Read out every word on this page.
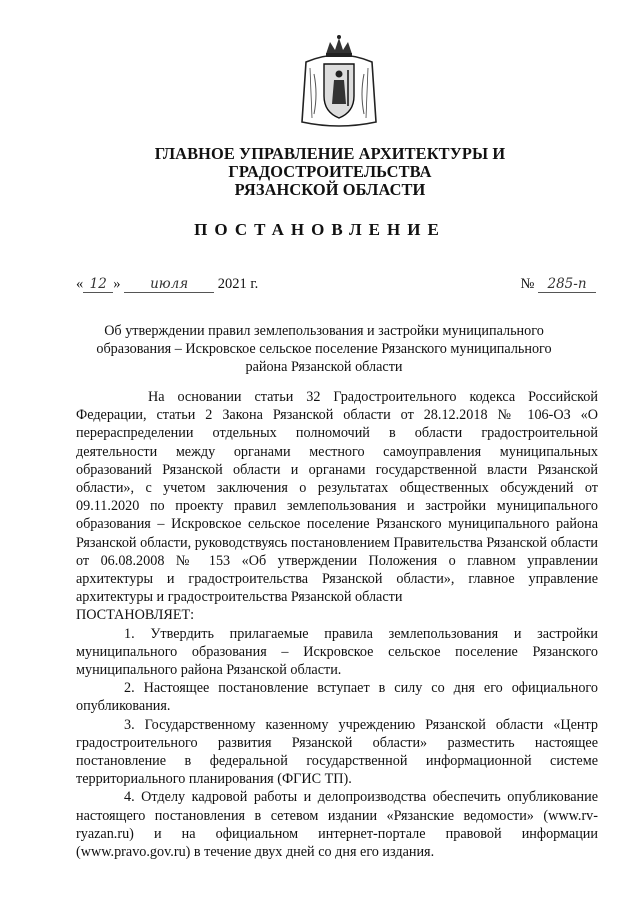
ГЛАВНОЕ УПРАВЛЕНИЕ АРХИТЕКТУРЫ И ГРАДОСТРОИТЕЛЬСТВА
РЯЗАНСКОЙ ОБЛАСТИ
ПОСТАНОВЛЕНИЕ
« 12 » июля 2021 г.	№ 285-п
Об утверждении правил землепользования и застройки муниципального образования – Искровское сельское поселение Рязанского муниципального района Рязанской области

На основании статьи 32 Градостроительного кодекса Российской Федерации, статьи 2 Закона Рязанской области от 28.12.2018 № 106-ОЗ «О перераспределении отдельных полномочий в области градостроительной деятельности между органами местного самоуправления муниципальных образований Рязанской области и органами государственной власти Рязанской области», с учетом заключения о результатах общественных обсуждений от 09.11.2020 по проекту правил землепользования и застройки муниципального образования – Искровское сельское поселение Рязанского муниципального района Рязанской области, руководствуясь постановлением Правительства Рязанской области от 06.08.2008 № 153 «Об утверждении Положения о главном управлении архитектуры и градостроительства Рязанской области», главное управление архитектуры и градостроительства Рязанской области

ПОСТАНОВЛЯЕТ:

1. Утвердить прилагаемые правила землепользования и застройки муниципального образования – Искровское сельское поселение Рязанского муниципального района Рязанской области.

2. Настоящее постановление вступает в силу со дня его официального опубликования.

3. Государственному казенному учреждению Рязанской области «Центр градостроительного развития Рязанской области» разместить настоящее постановление в федеральной государственной информационной системе территориального планирования (ФГИС ТП).

4. Отделу кадровой работы и делопроизводства обеспечить опубликование настоящего постановления в сетевом издании «Рязанские ведомости» (www.rv-ryazan.ru) и на официальном интернет-портале правовой информации (www.pravo.gov.ru) в течение двух дней со дня его издания.
